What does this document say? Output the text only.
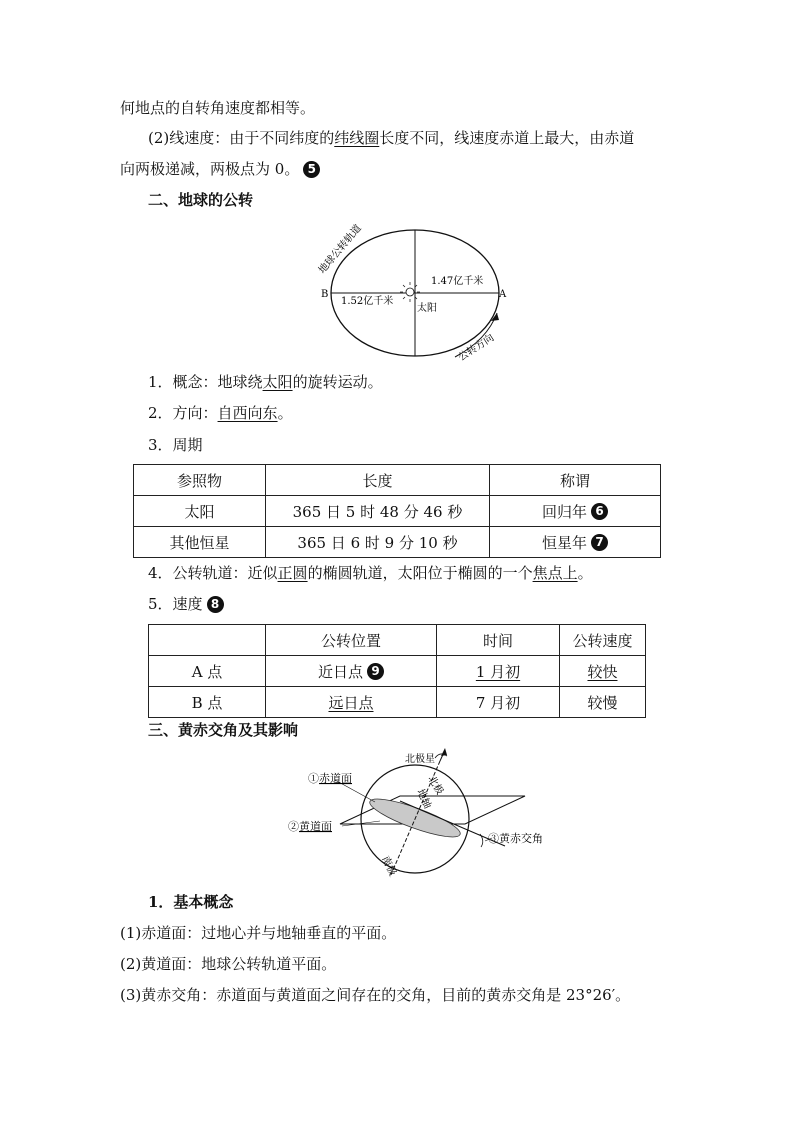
何地点的自转角速度都相等。
(2)线速度：由于不同纬度的纬线圈长度不同，线速度赤道上最大，由赤道
向两极递减，两极点为 0。 5
二、地球的公转
B	A
1.47亿千米
1.52亿千米
太阳
地球公转轨道
公转方向
1．概念：地球绕太阳的旋转运动。
2．方向：自西向东。
3．周期
参照物	长度	称谓
太阳	365 日 5 时 48 分 46 秒	回归年 6
其他恒星	365 日 6 时 9 分 10 秒	恒星年 7
4．公转轨道：近似正圆的椭圆轨道，太阳位于椭圆的一个焦点上。
5．速度 8
	公转位置	时间	公转速度
A 点	近日点 9	1 月初	较快
B 点	远日点	7 月初	较慢
三、黄赤交角及其影响
北极星
北极
地轴
南极
①赤道面
②黄道面
③黄赤交角
1．基本概念
(1)赤道面：过地心并与地轴垂直的平面。
(2)黄道面：地球公转轨道平面。
(3)黄赤交角：赤道面与黄道面之间存在的交角，目前的黄赤交角是 23°26′。
